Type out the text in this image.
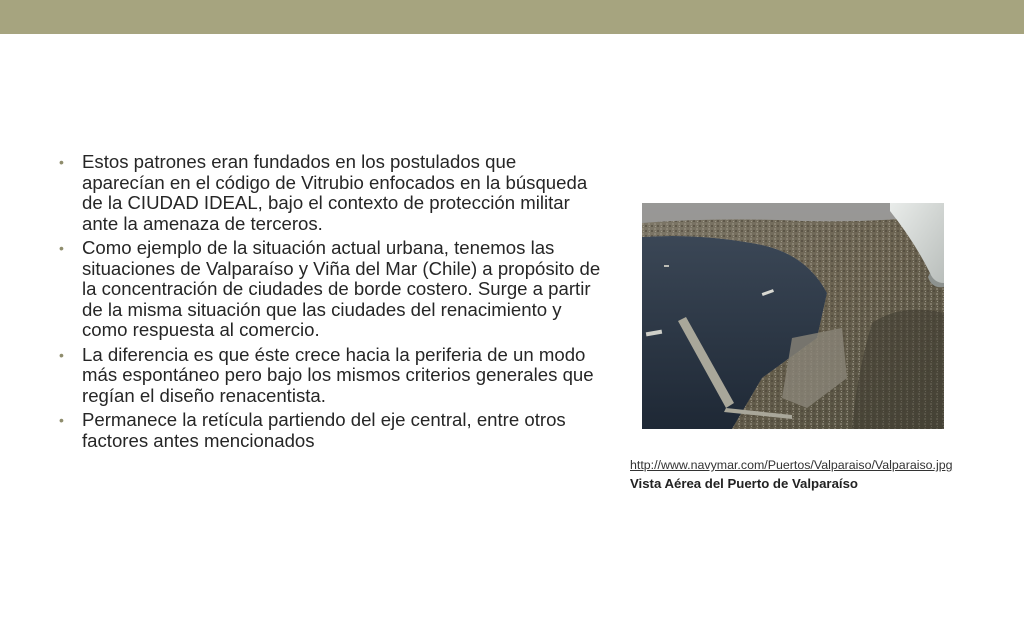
• Estos patrones eran fundados en los postulados que aparecían en el código de Vitrubio enfocados en la búsqueda de la CIUDAD IDEAL, bajo el contexto de protección militar ante la amenaza de terceros.
• Como ejemplo de la situación actual urbana, tenemos las situaciones de Valparaíso y Viña del Mar (Chile) a propósito de la concentración de ciudades de borde costero. Surge a partir de la misma situación que las ciudades del renacimiento y como respuesta al comercio.
• La diferencia es que éste crece hacia la periferia de un modo más espontáneo pero bajo los mismos criterios generales que regían el diseño renacentista.
• Permanece la retícula partiendo del eje central, entre otros factores antes mencionados
http://www.navymar.com/Puertos/Valparaiso/Valparaiso.jpg
Vista Aérea del Puerto de Valparaíso
